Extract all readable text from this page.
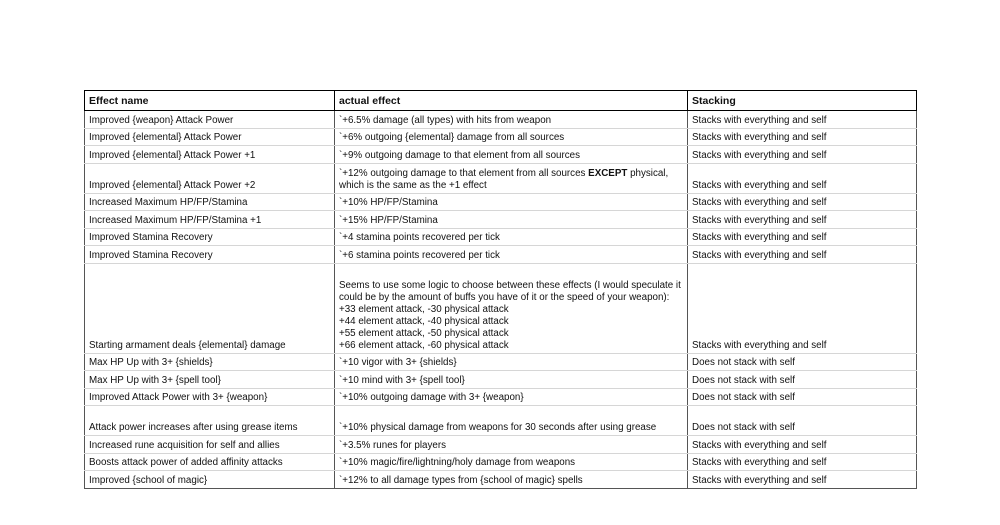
Effect name	actual effect	Stacking
Improved {weapon} Attack Power	`+6.5% damage (all types) with hits from weapon	Stacks with everything and self
Improved {elemental} Attack Power	`+6% outgoing {elemental} damage from all sources	Stacks with everything and self
Improved {elemental} Attack Power +1	`+9% outgoing damage to that element from all sources	Stacks with everything and self
Improved {elemental} Attack Power +2	`+12% outgoing damage to that element from all sources EXCEPT physical, which is the same as the +1 effect	Stacks with everything and self
Increased Maximum HP/FP/Stamina	`+10% HP/FP/Stamina	Stacks with everything and self
Increased Maximum HP/FP/Stamina +1	`+15% HP/FP/Stamina	Stacks with everything and self
Improved Stamina Recovery	`+4 stamina points recovered per tick	Stacks with everything and self
Improved Stamina Recovery	`+6 stamina points recovered per tick	Stacks with everything and self
Starting armament deals {elemental} damage	Seems to use some logic to choose between these effects (I would speculate it could be by the amount of buffs you have of it or the speed of your weapon):
+33 element attack, -30 physical attack
+44 element attack, -40 physical attack
+55 element attack, -50 physical attack
+66 element attack, -60 physical attack	Stacks with everything and self
Max HP Up with 3+ {shields}	`+10 vigor with 3+ {shields}	Does not stack with self
Max HP Up with 3+ {spell tool}	`+10 mind with 3+ {spell tool}	Does not stack with self
Improved Attack Power with 3+ {weapon}	`+10% outgoing damage with 3+ {weapon}	Does not stack with self
Attack power increases after using grease items	`+10% physical damage from weapons for 30 seconds after using grease	Does not stack with self
Increased rune acquisition for self and allies	`+3.5% runes for players	Stacks with everything and self
Boosts attack power of added affinity attacks	`+10% magic/fire/lightning/holy damage from weapons	Stacks with everything and self
Improved {school of magic}	`+12% to all damage types from {school of magic} spells	Stacks with everything and self
